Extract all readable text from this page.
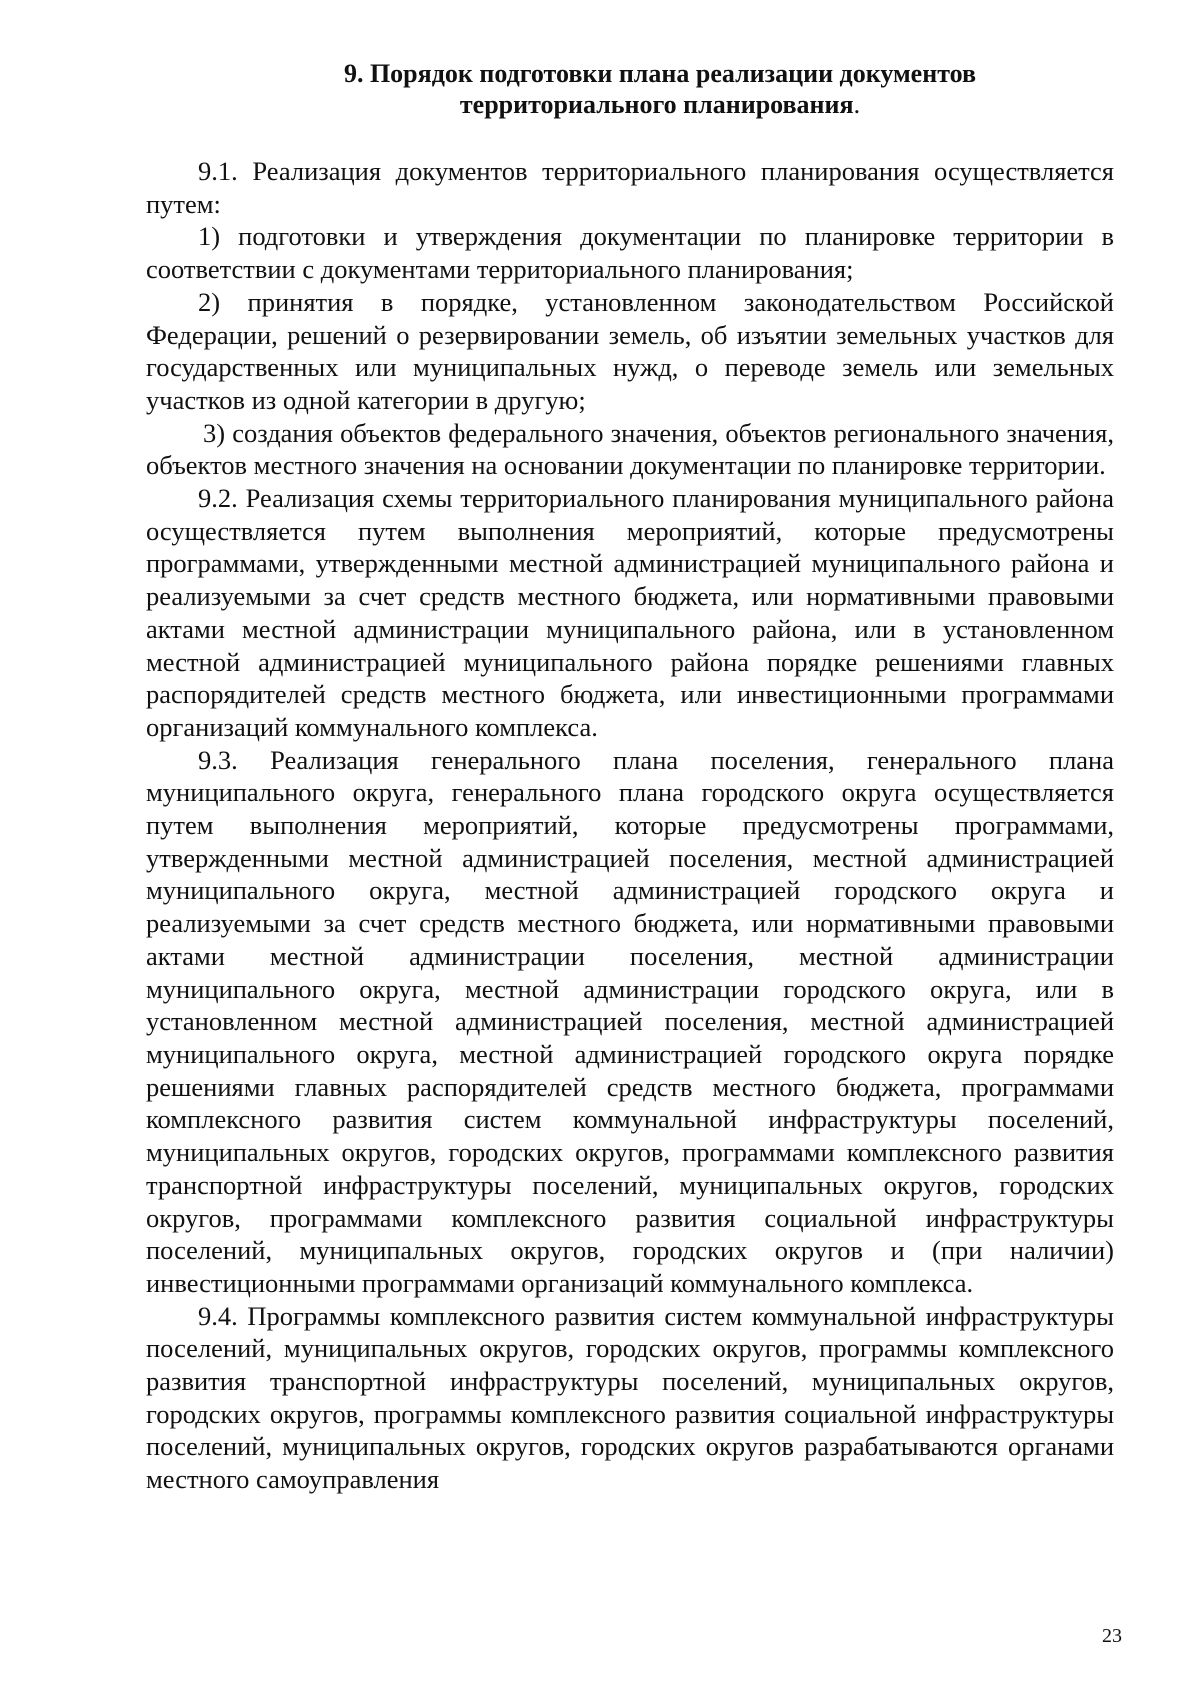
9. Порядок подготовки плана реализации документов
территориального планирования.

9.1. Реализация документов территориального планирования осуществляется путем:

1) подготовки и утверждения документации по планировке территории в соответствии с документами территориального планирования;

2) принятия в порядке, установленном законодательством Российской Федерации, решений о резервировании земель, об изъятии земельных участков для государственных или муниципальных нужд, о переводе земель или земельных участков из одной категории в другую;

3) создания объектов федерального значения, объектов регионального значения, объектов местного значения на основании документации по планировке территории.

9.2. Реализация схемы территориального планирования муниципального района осуществляется путем выполнения мероприятий, которые предусмотрены программами, утвержденными местной администрацией муниципального района и реализуемыми за счет средств местного бюджета, или нормативными правовыми актами местной администрации муниципального района, или в установленном местной администрацией муниципального района порядке решениями главных распорядителей средств местного бюджета, или инвестиционными программами организаций коммунального комплекса.

9.3. Реализация генерального плана поселения, генерального плана муниципального округа, генерального плана городского округа осуществляется путем выполнения мероприятий, которые предусмотрены программами, утвержденными местной администрацией поселения, местной администрацией муниципального округа, местной администрацией городского округа и реализуемыми за счет средств местного бюджета, или нормативными правовыми актами местной администрации поселения, местной администрации муниципального округа, местной администрации городского округа, или в установленном местной администрацией поселения, местной администрацией муниципального округа, местной администрацией городского округа порядке решениями главных распорядителей средств местного бюджета, программами комплексного развития систем коммунальной инфраструктуры поселений, муниципальных округов, городских округов, программами комплексного развития транспортной инфраструктуры поселений, муниципальных округов, городских округов, программами комплексного развития социальной инфраструктуры поселений, муниципальных округов, городских округов и (при наличии) инвестиционными программами организаций коммунального комплекса.

9.4. Программы комплексного развития систем коммунальной инфраструктуры поселений, муниципальных округов, городских округов, программы комплексного развития транспортной инфраструктуры поселений, муниципальных округов, городских округов, программы комплексного развития социальной инфраструктуры поселений, муниципальных округов, городских округов разрабатываются органами местного самоуправления

23
